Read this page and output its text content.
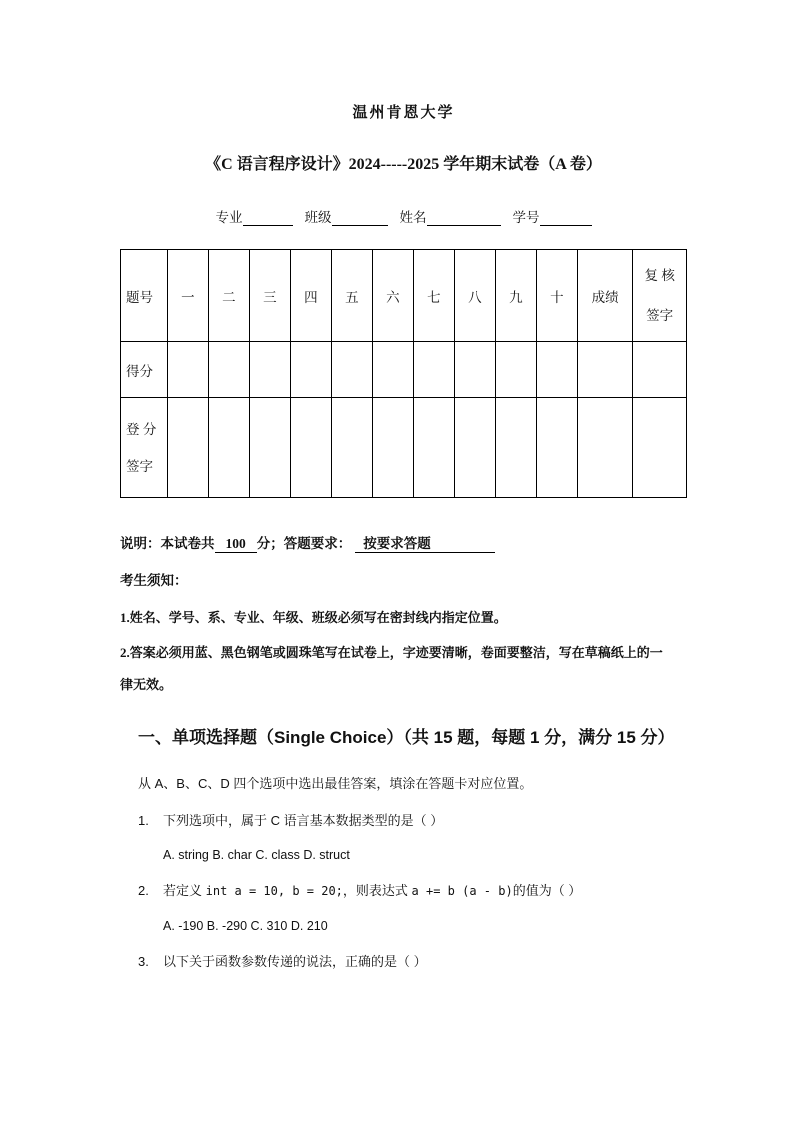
温州肯恩大学
《C 语言程序设计》2024-----2025 学年期末试卷（A 卷）
专业	班级	姓名	学号
题号	一	二	三	四	五	六	七	八	九	十	成绩	复 核
签字

得分												

登 分
签字												

说明：本试卷共 100 分；答题要求： 按要求答题
考生须知：
1.姓名、学号、系、专业、年级、班级必须写在密封线内指定位置。
2.答案必须用蓝、黑色钢笔或圆珠笔写在试卷上，字迹要清晰，卷面要整洁，写在草稿纸上的一律无效。
一、单项选择题（Single Choice）（共 15 题，每题 1 分，满分 15 分）
从 A、B、C、D 四个选项中选出最佳答案，填涂在答题卡对应位置。
1.	下列选项中，属于 C 语言基本数据类型的是（ ）
A. string B. char C. class D. struct
2.	若定义 int a = 10, b = 20;，则表达式 a += b (a - b)的值为（ ）
A. -190 B. -290 C. 310 D. 210
3.	以下关于函数参数传递的说法，正确的是（ ）
